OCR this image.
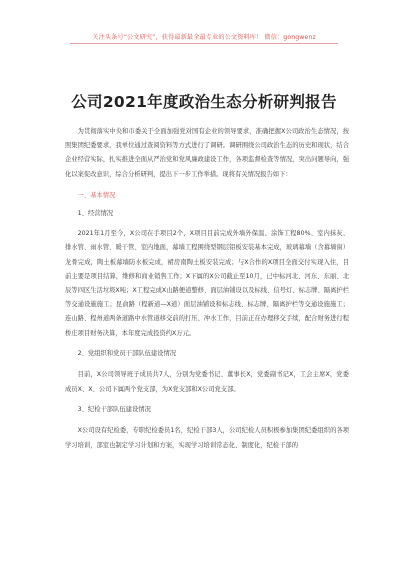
关注头条号“公文研究”，获得最新最全最专业的公文资料库！ 微信：gongwenz
公司2021年度政治生态分析研判报告

为贯彻落实中央和市委关于全面加强党对国有企业的领导要求，准确把握X公司政治生态情况，按照集团纪委要求，我单位通过查阅资料等方式进行了调研。调研围绕公司政治生态的历史和现状，结合企业经营实际，扎实推进全面从严治党和党风廉政建设工作，各项监督检查等情况，突出问题导向，强化以案促改意识，综合分析研判，提出下一步工作举措。现将有关情况报告如下：

一、基本情况

1、经营情况

2021年1月至今，X公司在手项目2个，X项目目前完成外墙外保温、涂饰工程80%、室内抹灰、排水管、雨水管、暖干管、室内地面，幕墙工程围绕型钢层铝板安装基本完成，玻璃幕墙（含幕墙窗）龙骨完成，陶土板幕墙防水板完成，裙房南陶土板安装完成；与X合作的X项目全面交付实现入住，目前主要是项目结算，维修和商业销售工作；X下属的X公司截止至10月，已中标河北、河东、东丽、北辰等四区生活垃圾X吨；X工程完成X山路便道整修、面层油铺设以及标线、信号灯、标志牌、隔离护栏等交通设施施工；昆俞路（程新道—X道）面层油铺设和标志线、标志牌、隔离护栏等交通设施施工；连山路、程州道两条道路中水管道移交前的打压、冲水工作，目前正在办理移交手续，配合财务进行程桥庄项目财务决算，本年度完成投资约X万元。

2、党组织和党员干部队伍建设情况

目前，X公司领导班子成员共7人，分别为党委书记、董事长X，党委副书记X，工会主席X，党委成员X、X、公司下属两个党支部，为X党支部和X公司党支部。

3、纪检干部队伍建设情况

X公司设有纪检委，专职纪检委员1名，纪检干部3人，公司纪检人员积极参加集团纪委组织的各项学习培训，部室也制定学习计划和方案，实现学习培训常态化、制度化，纪检干部的
